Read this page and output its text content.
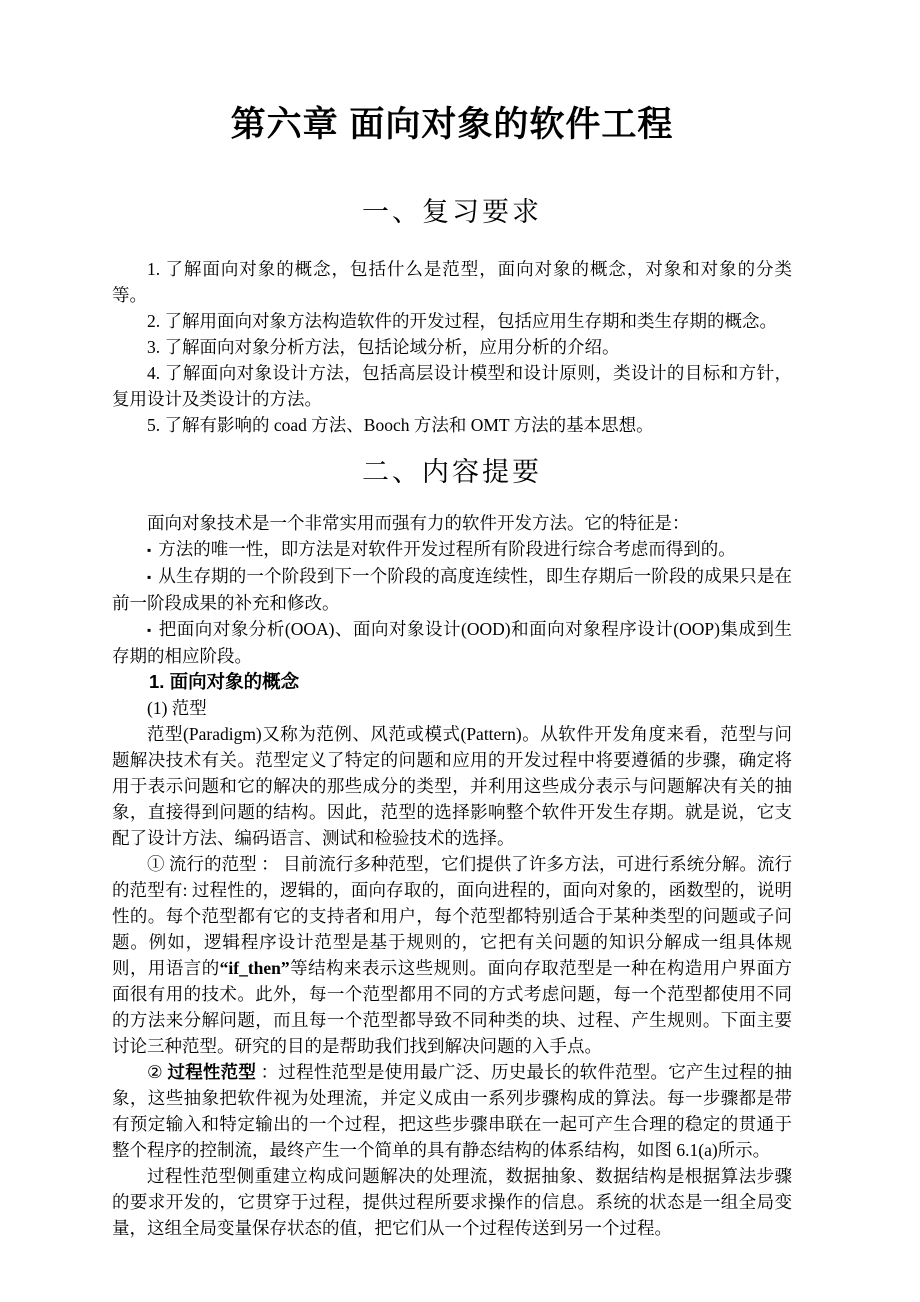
第六章 面向对象的软件工程
一、复习要求

1. 了解面向对象的概念，包括什么是范型，面向对象的概念，对象和对象的分类等。

2. 了解用面向对象方法构造软件的开发过程，包括应用生存期和类生存期的概念。

3. 了解面向对象分析方法，包括论域分析，应用分析的介绍。

4. 了解面向对象设计方法，包括高层设计模型和设计原则，类设计的目标和方针，复用设计及类设计的方法。

5. 了解有影响的 coad 方法、Booch 方法和 OMT 方法的基本思想。

二、内容提要

面向对象技术是一个非常实用而强有力的软件开发方法。它的特征是：

▪ 方法的唯一性，即方法是对软件开发过程所有阶段进行综合考虑而得到的。

▪ 从生存期的一个阶段到下一个阶段的高度连续性，即生存期后一阶段的成果只是在前一阶段成果的补充和修改。

▪ 把面向对象分析(OOA)、面向对象设计(OOD)和面向对象程序设计(OOP)集成到生存期的相应阶段。

1. 面向对象的概念

(1) 范型

范型(Paradigm)又称为范例、风范或模式(Pattern)。从软件开发角度来看，范型与问题解决技术有关。范型定义了特定的问题和应用的开发过程中将要遵循的步骤，确定将用于表示问题和它的解决的那些成分的类型，并利用这些成分表示与问题解决有关的抽象，直接得到问题的结构。因此，范型的选择影响整个软件开发生存期。就是说，它支配了设计方法、编码语言、测试和检验技术的选择。

① 流行的范型 ： 目前流行多种范型，它们提供了许多方法，可进行系统分解。流行的范型有: 过程性的，逻辑的，面向存取的，面向进程的，面向对象的，函数型的，说明性的。每个范型都有它的支持者和用户，每个范型都特别适合于某种类型的问题或子问题。例如，逻辑程序设计范型是基于规则的，它把有关问题的知识分解成一组具体规则，用语言的“if_then”等结构来表示这些规则。面向存取范型是一种在构造用户界面方面很有用的技术。此外，每一个范型都用不同的方式考虑问题，每一个范型都使用不同的方法来分解问题，而且每一个范型都导致不同种类的块、过程、产生规则。下面主要讨论三种范型。研究的目的是帮助我们找到解决问题的入手点。

② 过程性范型 ：过程性范型是使用最广泛、历史最长的软件范型。它产生过程的抽象，这些抽象把软件视为处理流，并定义成由一系列步骤构成的算法。每一步骤都是带有预定输入和特定输出的一个过程，把这些步骤串联在一起可产生合理的稳定的贯通于整个程序的控制流，最终产生一个简单的具有静态结构的体系结构，如图 6.1(a)所示。

过程性范型侧重建立构成问题解决的处理流，数据抽象、数据结构是根据算法步骤的要求开发的，它贯穿于过程，提供过程所要求操作的信息。系统的状态是一组全局变量，这组全局变量保存状态的值，把它们从一个过程传送到另一个过程。
